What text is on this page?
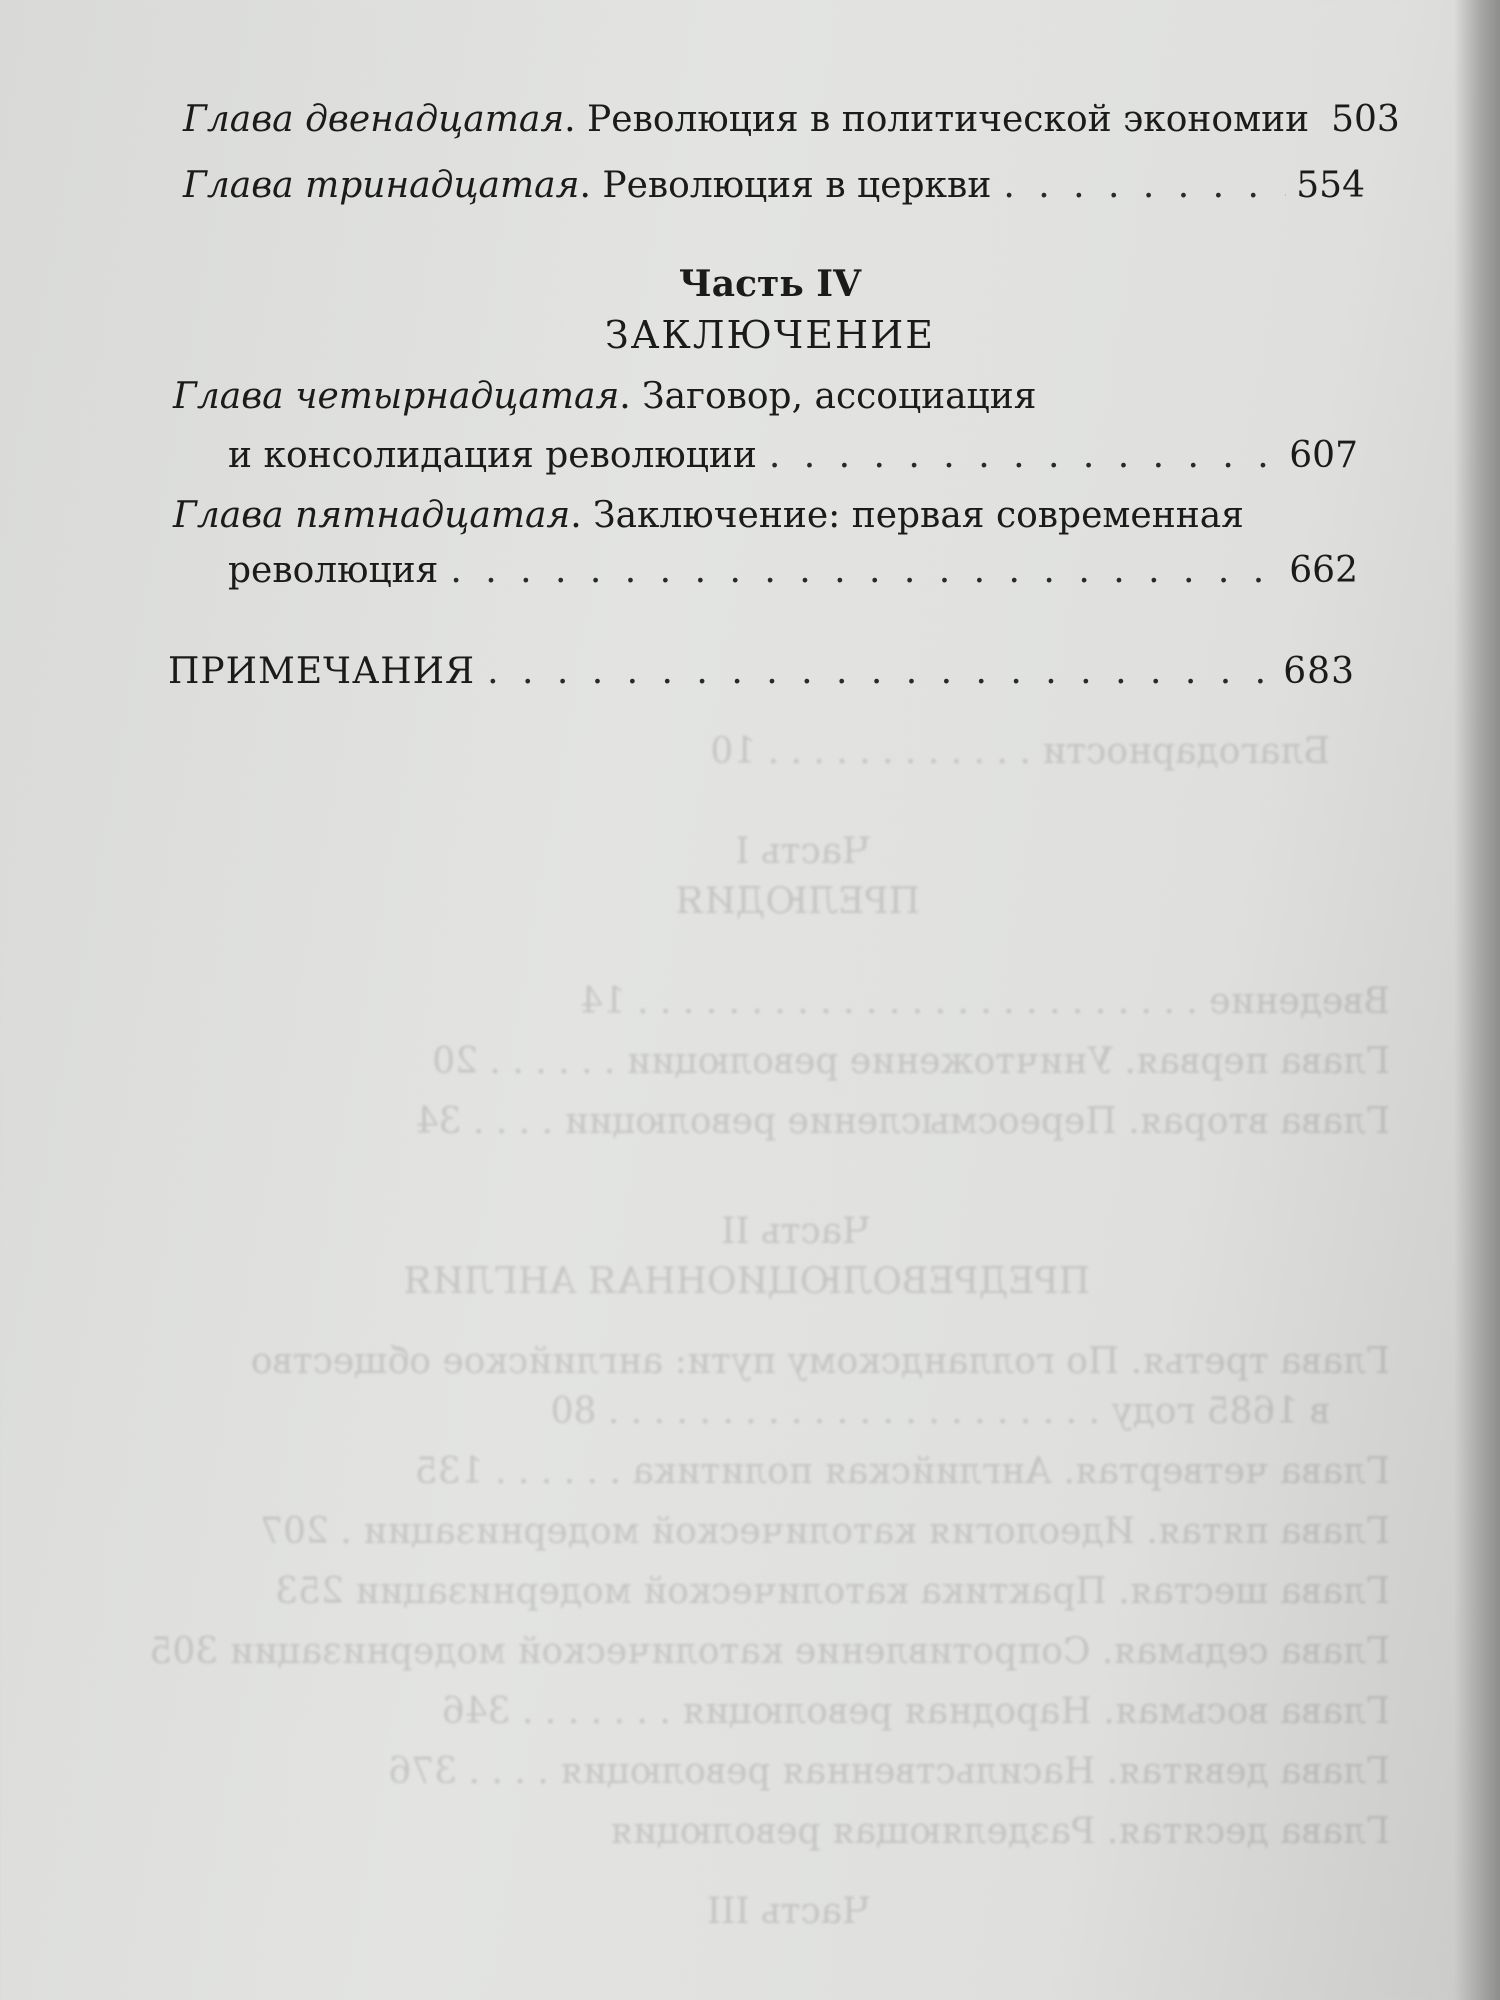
Благодарности . . . . . . . . . . . . 10
Часть I
ПРЕЛЮДИЯ
Введение . . . . . . . . . . . . . . . . . . . . . . . . . 14
Глава первая. Уничтожение революции . . . . . . 20
Глава вторая. Переосмысление революции . . . . 34
Часть II
ПРЕДРЕВОЛЮЦИОННАЯ АНГЛИЯ
Глава третья. По голландскому пути: английское общество
в 1685 году . . . . . . . . . . . . . . . . . . . . . . 80
Глава четвертая. Английская политика . . . . . . 135
Глава пятая. Идеология католической модернизации . 207
Глава шестая. Практика католической модернизации 253
Глава седьмая. Сопротивление католической модернизации 305
Глава восьмая. Народная революция . . . . . . . 346
Глава девятая. Насильственная революция . . . . 376
Глава десятая. Разделяющая революция
Часть III
Глава двенадцатая . Революция в политической экономии 503
Глава тринадцатая . Революция в церкви . . .	554
Часть IV
ЗАКЛЮЧЕНИЕ
Глава четырнадцатая. Заговор, ассоциация
и консолидация революции . . .	607
Глава пятнадцатая. Заключение: первая современная
революция . . .	662
ПРИМЕЧАНИЯ . . .	683
